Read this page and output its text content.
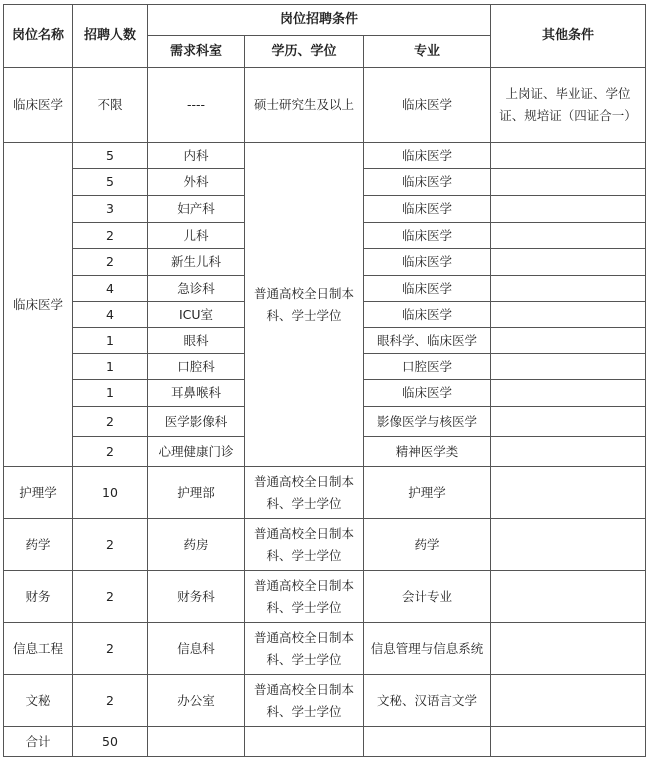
岗位名称	招聘人数	岗位招聘条件			其他条件
		需求科室	学历、学位	专业	
临床医学	不限	----	硕士研究生及以上	临床医学	上岗证、毕业证、学位证、规培证（四证合一）
临床医学	5	内科	普通高校全日制本科、学士学位	临床医学	
	5	外科		临床医学	
	3	妇产科		临床医学	
	2	儿科		临床医学	
	2	新生儿科		临床医学	
	4	急诊科		临床医学	
	4	ICU室		临床医学	
	1	眼科		眼科学、临床医学	
	1	口腔科		口腔医学	
	1	耳鼻喉科		临床医学	
	2	医学影像科		影像医学与核医学	
	2	心理健康门诊		精神医学类	
护理学	10	护理部	普通高校全日制本科、学士学位	护理学	
药学	2	药房	普通高校全日制本科、学士学位	药学	
财务	2	财务科	普通高校全日制本科、学士学位	会计专业	
信息工程	2	信息科	普通高校全日制本科、学士学位	信息管理与信息系统	
文秘	2	办公室	普通高校全日制本科、学士学位	文秘、汉语言文学	
合计	50				
